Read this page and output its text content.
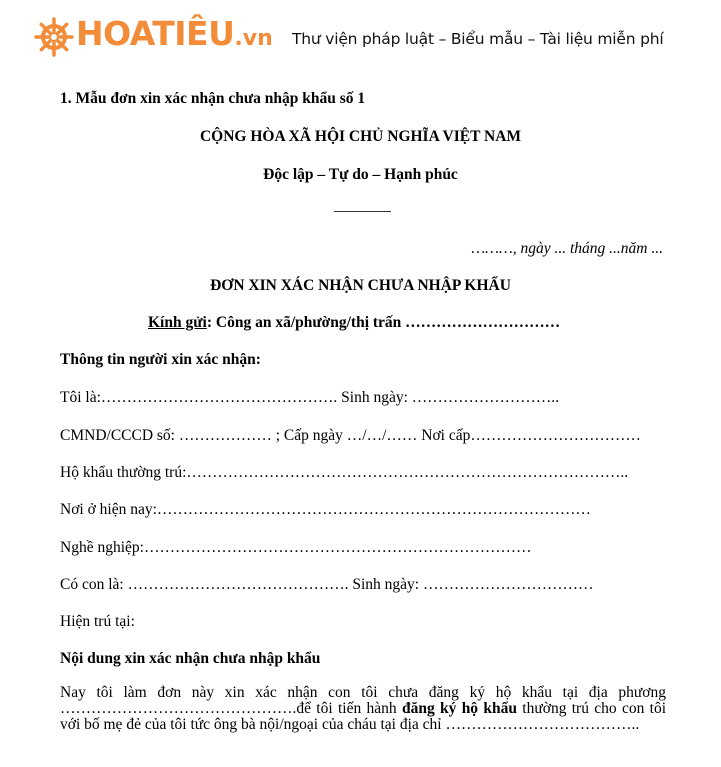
HOATIÊU.vn Thư viện pháp luật – Biểu mẫu – Tài liệu miễn phí
1. Mẫu đơn xin xác nhận chưa nhập khẩu số 1
CỘNG HÒA XÃ HỘI CHỦ NGHĨA VIỆT NAM
Độc lập – Tự do – Hạnh phúc
………, ngày ... tháng ...năm ...
ĐƠN XIN XÁC NHẬN CHƯA NHẬP KHẨU
Kính gửi: Công an xã/phường/thị trấn …………………………
Thông tin người xin xác nhận:
Tôi là:………………………………………. Sinh ngày: ………………………..
CMND/CCCD số: ……………… ; Cấp ngày …/…/…… Nơi cấp……………………………
Hộ khẩu thường trú:…………………………………………………………………………..
Nơi ở hiện nay:…………………………………………………………………………
Nghề nghiệp:…………………………………………………………………
Có con là: ……………………………………. Sinh ngày: ……………………………
Hiện trú tại:
Nội dung xin xác nhận chưa nhập khẩu
Nay tôi làm đơn này xin xác nhận con tôi chưa đăng ký hộ khẩu tại địa phương ……………………………………….để tôi tiến hành đăng ký hộ khẩu thường trú cho con tôi với bố mẹ đẻ của tôi tức ông bà nội/ngoại của cháu tại địa chỉ ………………………………..
